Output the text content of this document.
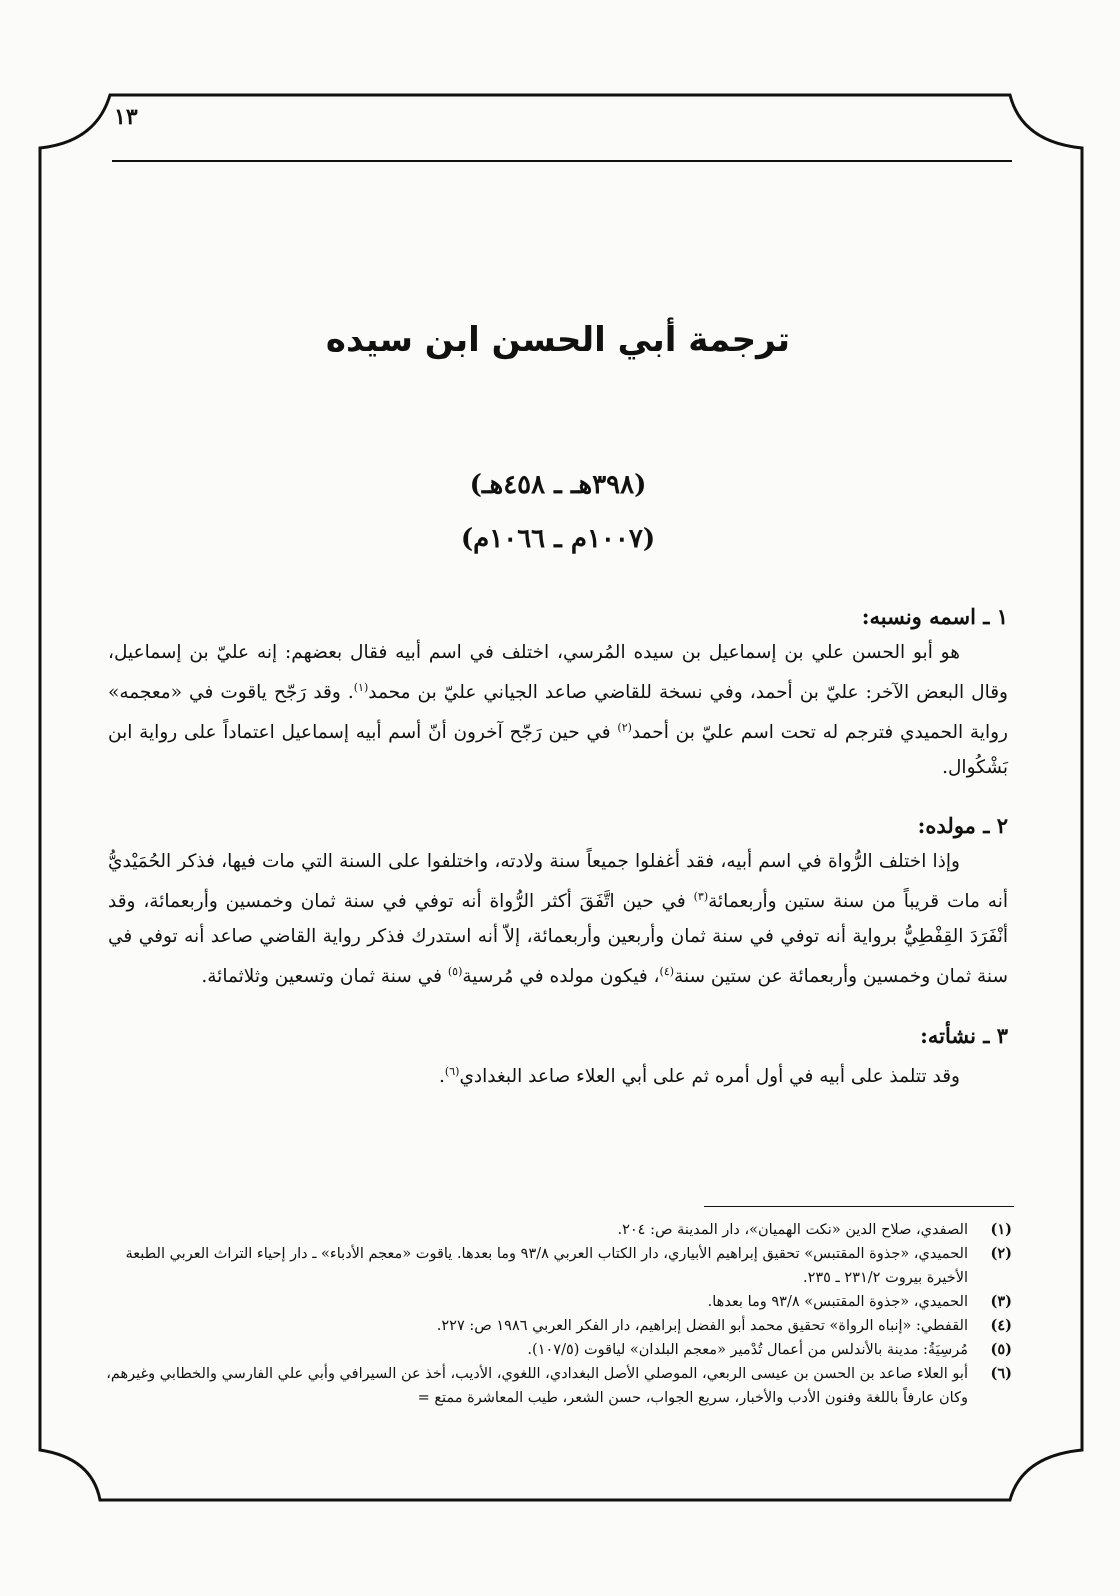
١٣
ترجمة أبي الحسن ابن سيده
(٣٩٨هـ ـ ٤٥٨هـ)
(١٠٠٧م ـ ١٠٦٦م)
١ ـ اسمه ونسبه:

هو أبو الحسن علي بن إسماعيل بن سيده المُرسي، اختلف في اسم أبيه فقال بعضهم: إنه عليّ بن إسماعيل، وقال البعض الآخر: عليّ بن أحمد، وفي نسخة للقاضي صاعد الجياني عليّ بن محمد$^{(١)}$. وقد رَجّح ياقوت في «معجمه» رواية الحميدي فترجم له تحت اسم عليّ بن أحمد$^{(٢)}$ في حين رَجّح آخرون أنّ أسم أبيه إسماعيل اعتماداً على رواية ابن بَشْكُوال.

٢ ـ مولده:

وإذا اختلف الرُّواة في اسم أبيه، فقد أغفلوا جميعاً سنة ولادته، واختلفوا على السنة التي مات فيها، فذكر الحُمَيْديُّ أنه مات قريباً من سنة ستين وأربعمائة$^{(٣)}$ في حين اتَّفَقَ أكثر الرُّواة أنه توفي في سنة ثمان وخمسين وأربعمائة، وقد أنْفَرَدَ القِفْطِيُّ برواية أنه توفي في سنة ثمان وأربعين وأربعمائة، إلاّ أنه استدرك فذكر رواية القاضي صاعد أنه توفي في سنة ثمان وخمسين وأربعمائة عن ستين سنة$^{(٤)}$، فيكون مولده في مُرسية$^{(٥)}$ في سنة ثمان وتسعين وثلاثمائة.

٣ ـ نشأته:

وقد تتلمذ على أبيه في أول أمره ثم على أبي العلاء صاعد البغدادي$^{(٦)}$.

(١)
الصفدي، صلاح الدين «نكت الهميان»، دار المدينة ص: ٢٠٤.
(٢)
الحميدي، «جذوة المقتبس» تحقيق إبراهيم الأبياري، دار الكتاب العربي ٩٣/٨ وما بعدها. ياقوت «معجم الأدباء» ـ دار إحياء التراث العربي الطبعة الأخيرة بيروت ٢٣١/٢ ـ ٢٣٥.
(٣)
الحميدي، «جذوة المقتبس» ٩٣/٨ وما بعدها.
(٤)
القفطي: «إنباه الرواة» تحقيق محمد أبو الفضل إبراهيم، دار الفكر العربي ١٩٨٦ ص: ٢٢٧.
(٥)
مُرسِيَةُ: مدينة بالأندلس من أعمال تُدْمير «معجم البلدان» لياقوت (١٠٧/٥).
(٦)
أبو العلاء صاعد بن الحسن بن عيسى الربعي، الموصلي الأصل البغدادي، اللغوي، الأديب، أخذ عن السيرافي وأبي علي الفارسي والخطابي وغيرهم، وكان عارفاً باللغة وفنون الأدب والأخبار، سريع الجواب، حسن الشعر، طيب المعاشرة ممتع =
